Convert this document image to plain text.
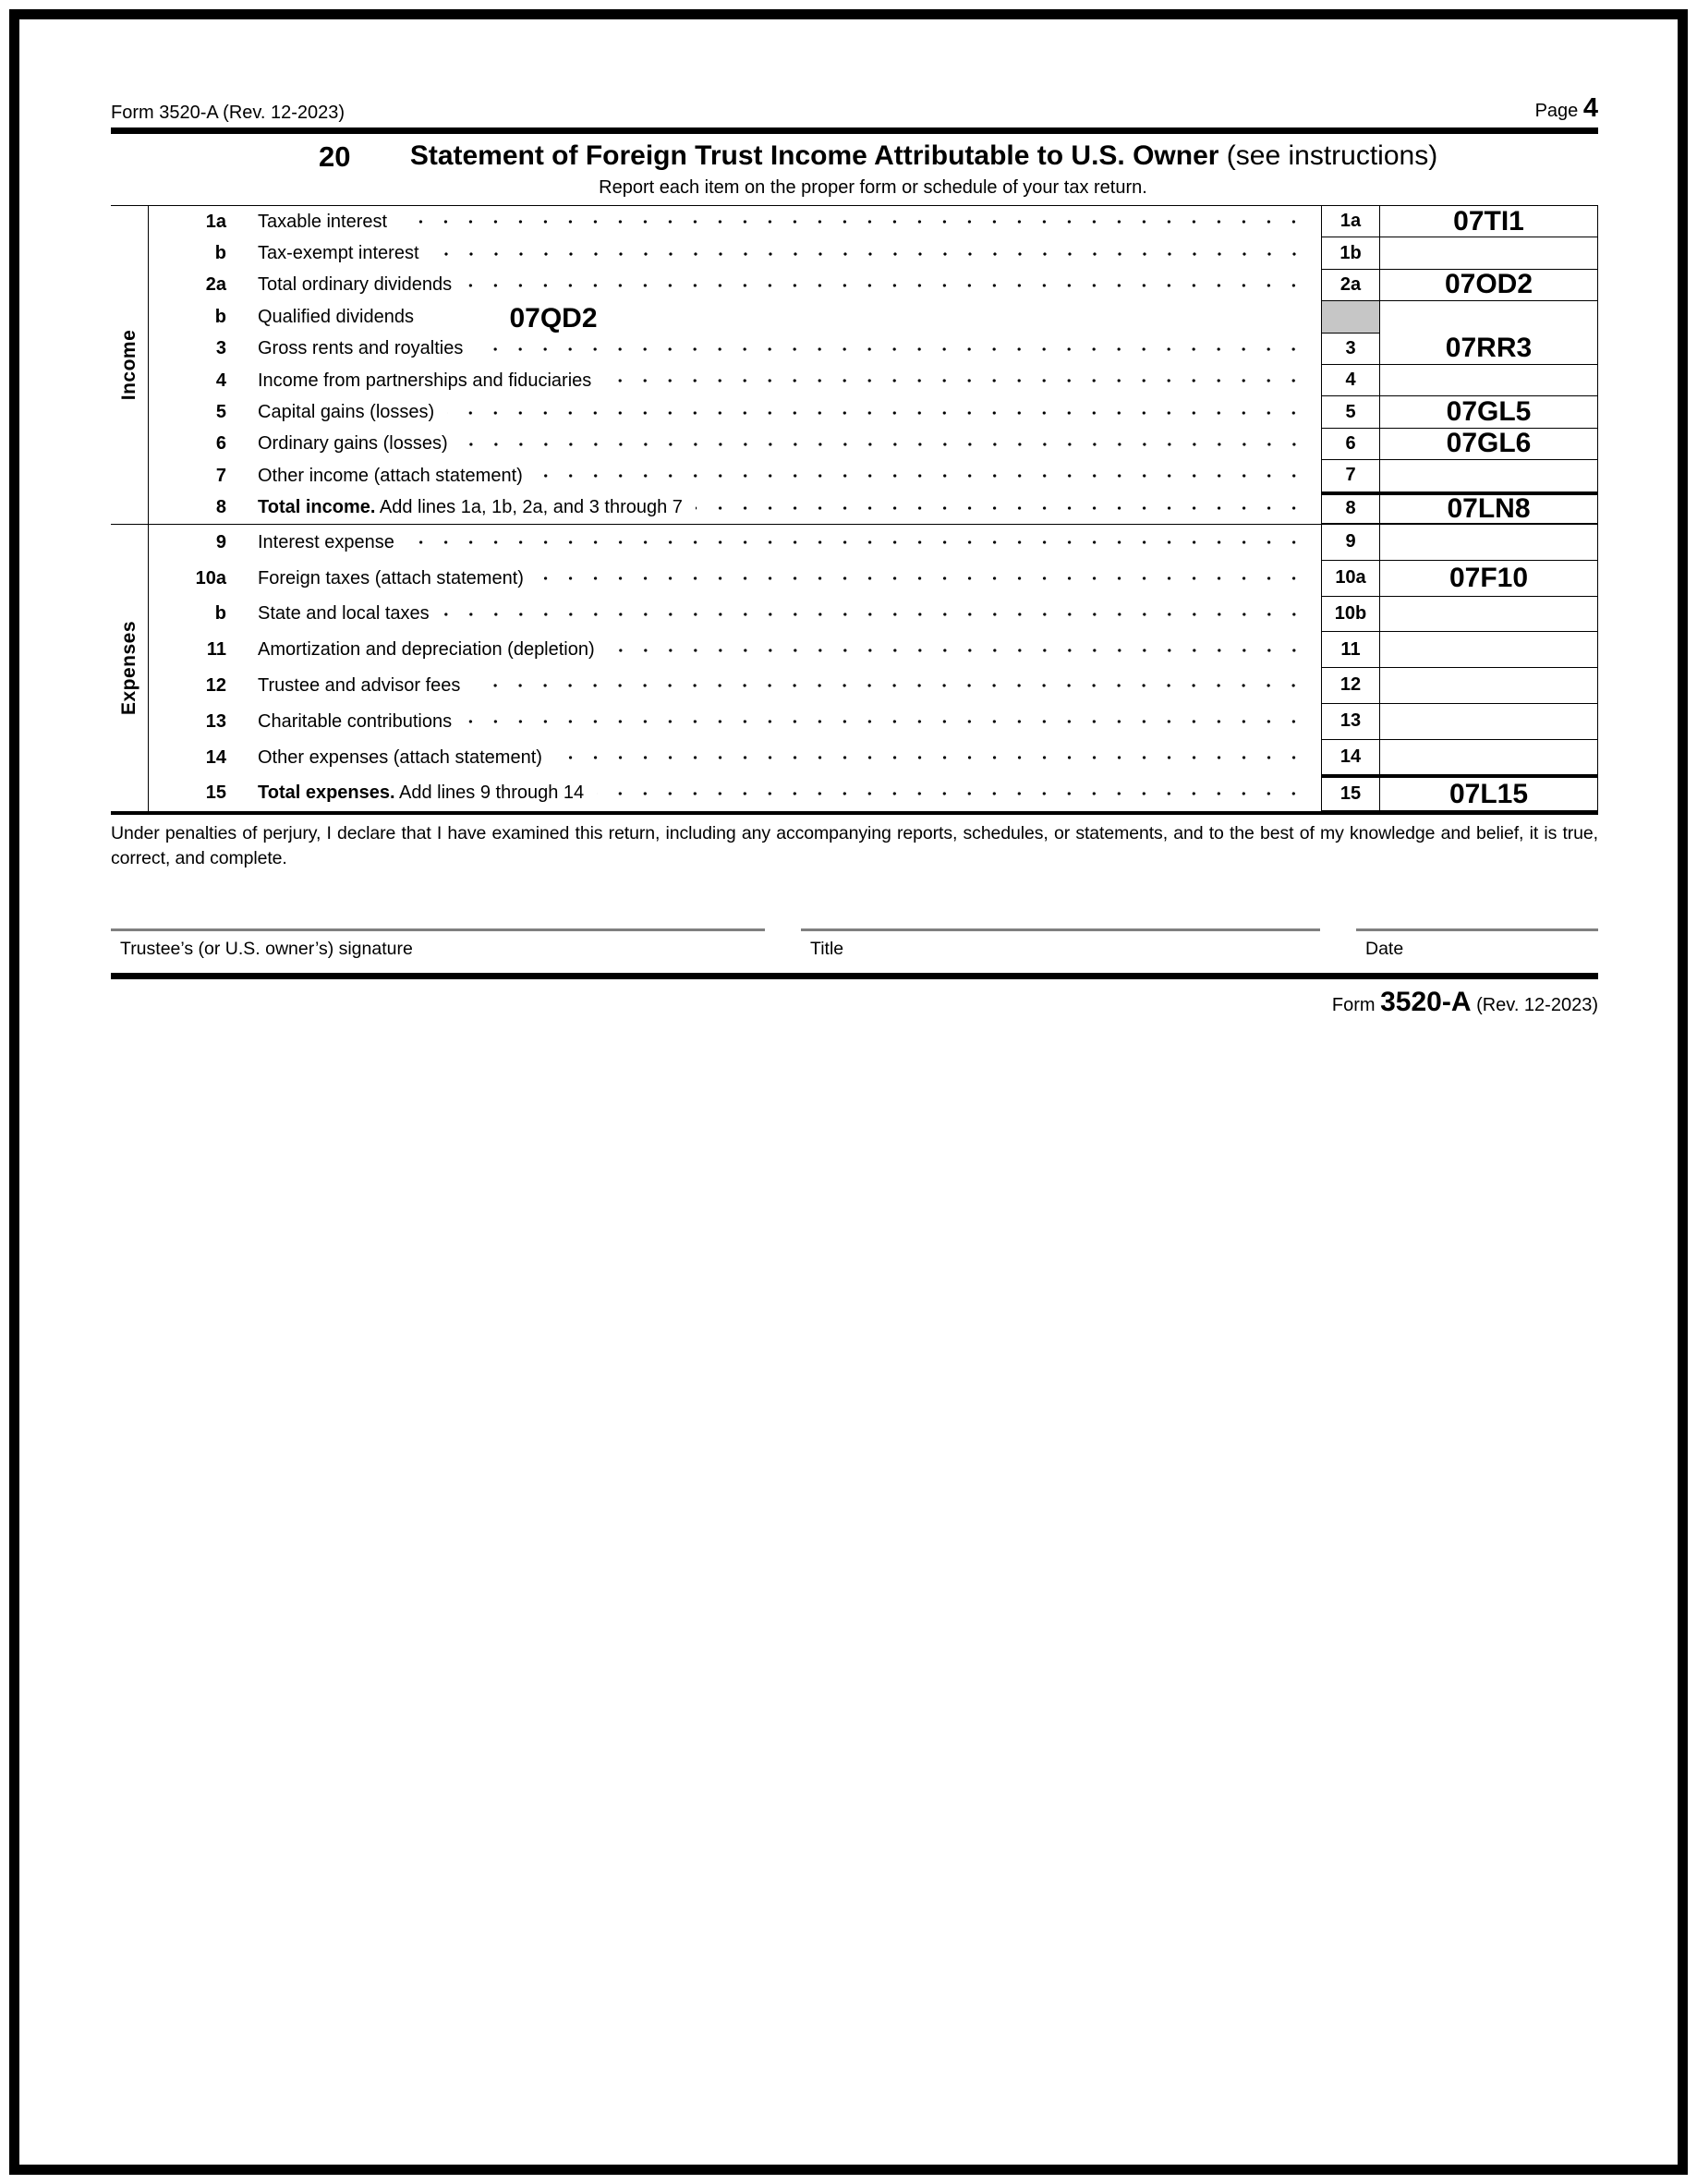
Form 3520-A (Rev. 12-2023)	Page 4
20 Statement of Foreign Trust Income Attributable to U.S. Owner (see instructions)
Report each item on the proper form or schedule of your tax return.
Income
1a Taxable interest	1a	07TI1
b Tax-exempt interest	1b
2a Total ordinary dividends	2a	07OD2
b Qualified dividends	07QD2
3 Gross rents and royalties	3	07RR3
4 Income from partnerships and fiduciaries	4
5 Capital gains (losses)	5	07GL5
6 Ordinary gains (losses)	6	07GL6
7 Other income (attach statement)	7
8 Total income. Add lines 1a, 1b, 2a, and 3 through 7	8	07LN8
Expenses
9 Interest expense	9
10a Foreign taxes (attach statement)	10a	07F10
b State and local taxes	10b
11 Amortization and depreciation (depletion)	11
12 Trustee and advisor fees	12
13 Charitable contributions	13
14 Other expenses (attach statement)	14
15 Total expenses. Add lines 9 through 14	15	07L15
Under penalties of perjury, I declare that I have examined this return, including any accompanying reports, schedules, or statements, and to the best of my knowledge and belief, it is true, correct, and complete.
Trustee’s (or U.S. owner’s) signature	Title	Date
Form 3520-A (Rev. 12-2023)
